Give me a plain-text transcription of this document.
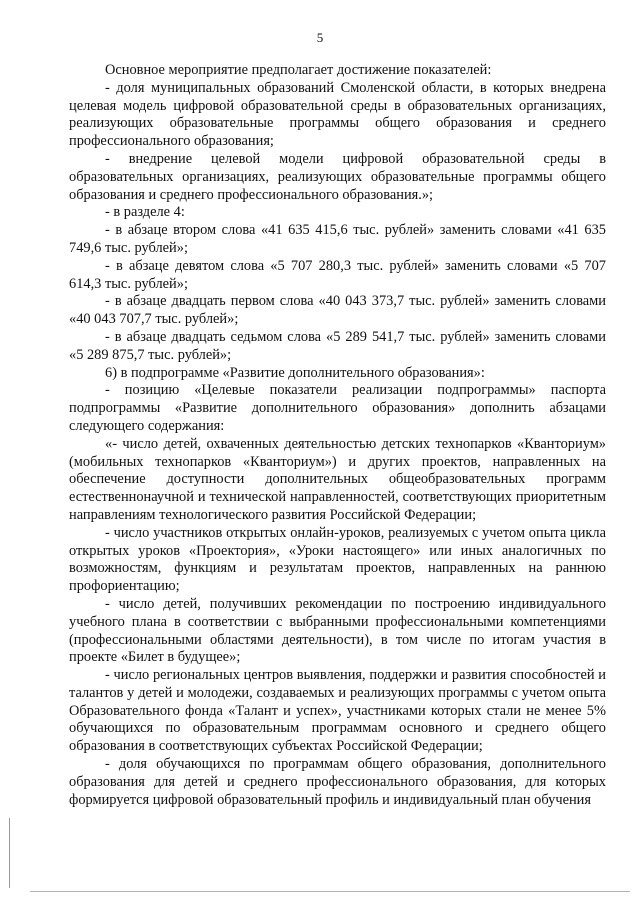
5

Основное мероприятие предполагает достижение показателей:

- доля муниципальных образований Смоленской области, в которых внедрена целевая модель цифровой образовательной среды в образовательных организациях, реализующих образовательные программы общего образования и среднего профессионального образования;

- внедрение целевой модели цифровой образовательной среды в образовательных организациях, реализующих образовательные программы общего образования и среднего профессионального образования.»;

- в разделе 4:

- в абзаце втором слова «41 635 415,6 тыс. рублей» заменить словами «41 635 749,6 тыс. рублей»;

- в абзаце девятом слова «5 707 280,3 тыс. рублей» заменить словами «5 707 614,3 тыс. рублей»;

- в абзаце двадцать первом слова «40 043 373,7 тыс. рублей» заменить словами «40 043 707,7 тыс. рублей»;

- в абзаце двадцать седьмом слова «5 289 541,7 тыс. рублей» заменить словами «5 289 875,7 тыс. рублей»;

6) в подпрограмме «Развитие дополнительного образования»:

- позицию «Целевые показатели реализации подпрограммы» паспорта подпрограммы «Развитие дополнительного образования» дополнить абзацами следующего содержания:

«- число детей, охваченных деятельностью детских технопарков «Кванториум» (мобильных технопарков «Кванториум») и других проектов, направленных на обеспечение доступности дополнительных общеобразовательных программ естественнонаучной и технической направленностей, соответствующих приоритетным направлениям технологического развития Российской Федерации;

- число участников открытых онлайн-уроков, реализуемых с учетом опыта цикла открытых уроков «Проектория», «Уроки настоящего» или иных аналогичных по возможностям, функциям и результатам проектов, направленных на раннюю профориентацию;

- число детей, получивших рекомендации по построению индивидуального учебного плана в соответствии с выбранными профессиональными компетенциями (профессиональными областями деятельности), в том числе по итогам участия в проекте «Билет в будущее»;

- число региональных центров выявления, поддержки и развития способностей и талантов у детей и молодежи, создаваемых и реализующих программы с учетом опыта Образовательного фонда «Талант и успех», участниками которых стали не менее 5% обучающихся по образовательным программам основного и среднего общего образования в соответствующих субъектах Российской Федерации;

- доля обучающихся по программам общего образования, дополнительного образования для детей и среднего профессионального образования, для которых формируется цифровой образовательный профиль и индивидуальный план обучения
